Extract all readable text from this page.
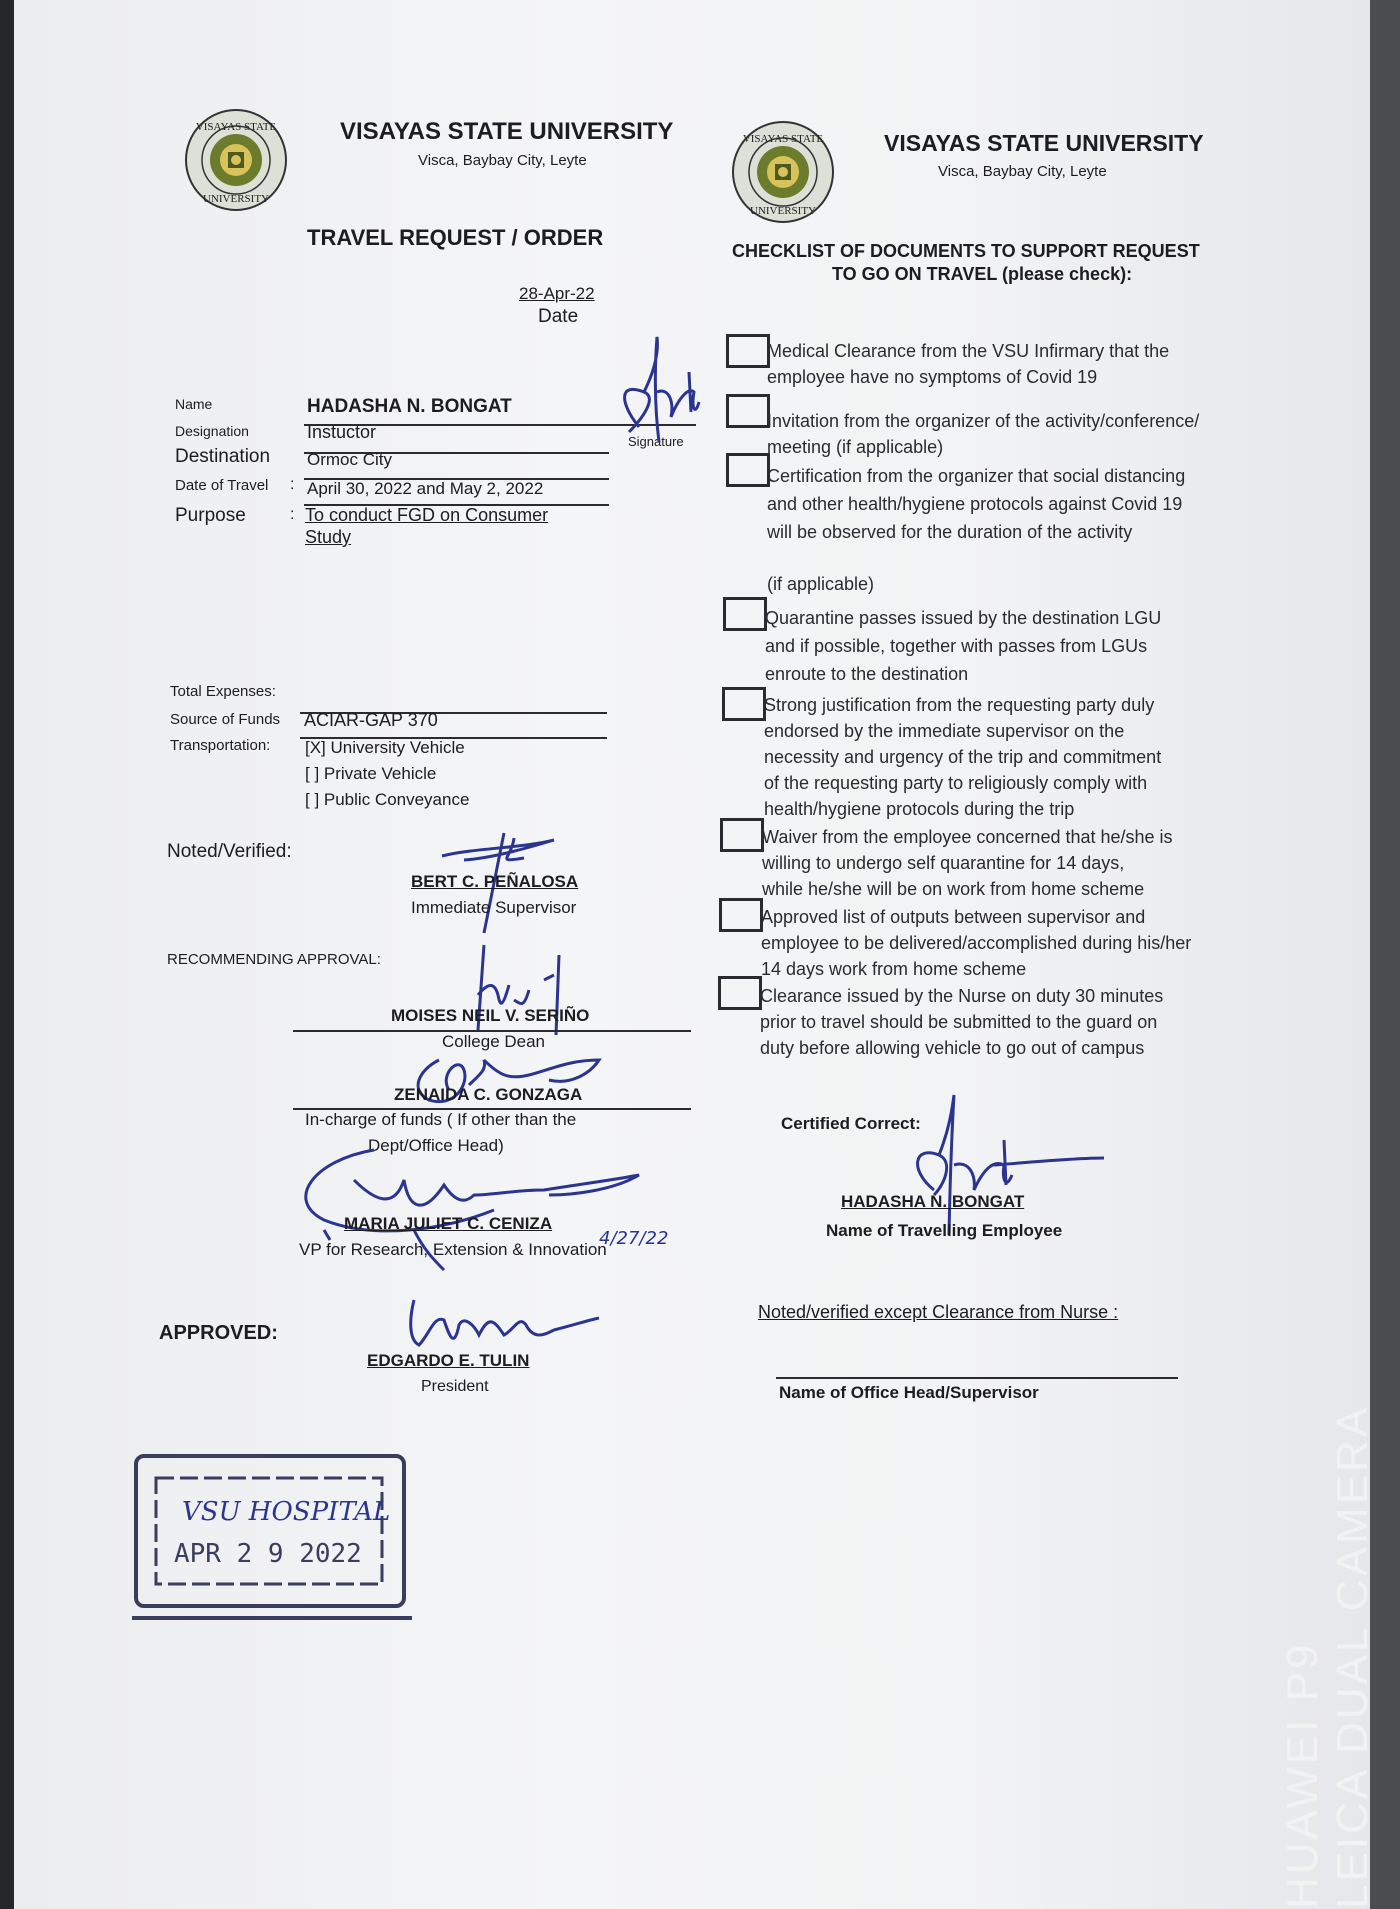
VISAYAS STATE
UNIVERSITY
VISAYAS STATE UNIVERSITY
Visca, Baybay City, Leyte
TRAVEL REQUEST / ORDER
28-Apr-22
Date
Name	HADASHA N. BONGAT
Signature
Designation	Instuctor
Destination Ormoc City
Date of Travel : April 30, 2022 and May 2, 2022
Purpose	: To conduct FGD on Consumer
Study
Total Expenses:
Source of Funds ACIAR-GAP 370
Transportation: [X] University Vehicle
[ ] Private Vehicle
[ ] Public Conveyance
Noted/Verified:
BERT C. PEÑALOSA
Immediate Supervisor
RECOMMENDING APPROVAL:
MOISES NEIL V. SERIÑO
College Dean
ZENAIDA C. GONZAGA
In-charge of funds ( If other than the
Dept/Office Head)
MARIA JULIET C. CENIZA
VP for Research, Extension & Innovation
4/27/22
APPROVED:
EDGARDO E. TULIN
President
VSU HOSPITAL
APR 2 9 2022
VISAYAS STATE
UNIVERSITY
VISAYAS STATE UNIVERSITY
Visca, Baybay City, Leyte
CHECKLIST OF DOCUMENTS TO SUPPORT REQUEST
TO GO ON TRAVEL (please check):
Medical Clearance from the VSU Infirmary that the
employee have no symptoms of Covid 19
Invitation from the organizer of the activity/conference/
meeting (if applicable)
Certification from the organizer that social distancing
and other health/hygiene protocols against Covid 19
will be observed for the duration of the activity
(if applicable)
Quarantine passes issued by the destination LGU
and if possible, together with passes from LGUs
enroute to the destination
Strong justification from the requesting party duly
endorsed by the immediate supervisor on the
necessity and urgency of the trip and commitment
of the requesting party to religiously comply with
health/hygiene protocols during the trip
Waiver from the employee concerned that he/she is
willing to undergo self quarantine for 14 days,
while he/she will be on work from home scheme
Approved list of outputs between supervisor and
employee to be delivered/accomplished during his/her
14 days work from home scheme
Clearance issued by the Nurse on duty 30 minutes
prior to travel should be submitted to the guard on
duty before allowing vehicle to go out of campus
Certified Correct:
HADASHA N. BONGAT
Name of Travelling Employee
Noted/verified except Clearance from Nurse :
Name of Office Head/Supervisor
HUAWEI P9 LEICA DUAL CAMERA
